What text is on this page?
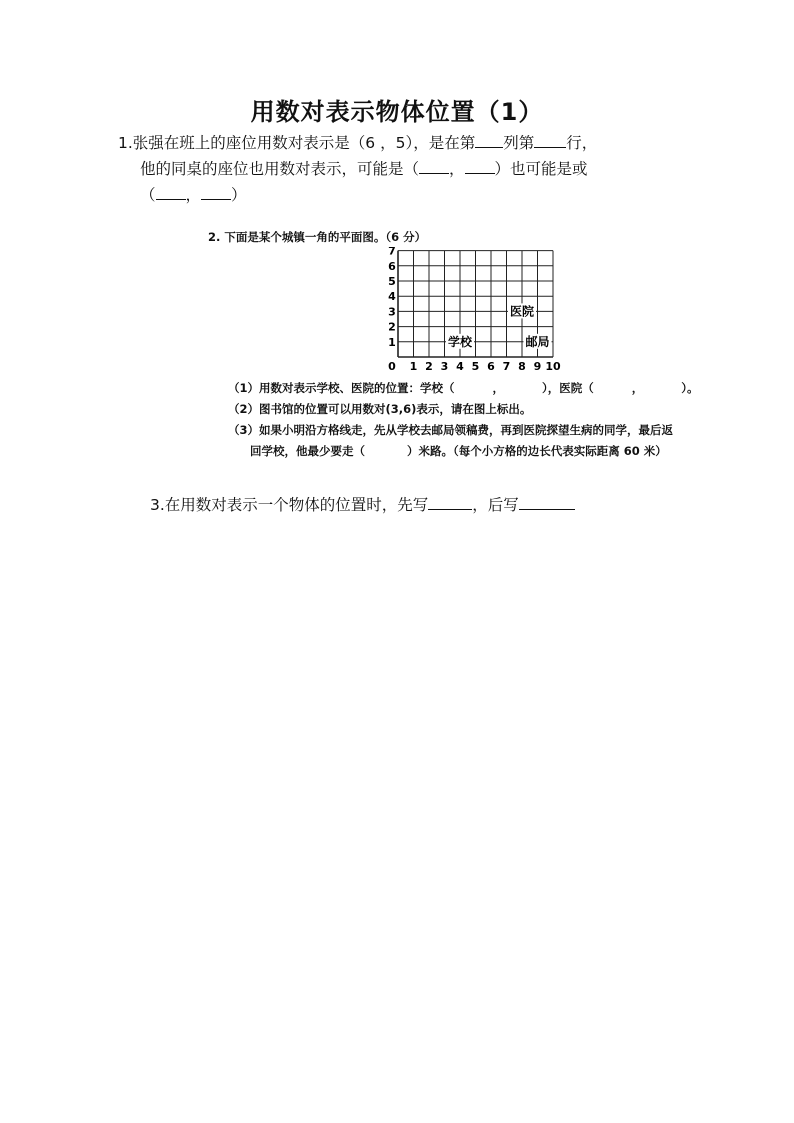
用数对表示物体位置（1）
1.张强在班上的座位用数对表示是（6 ，5），是在第 列第 行，
他的同桌的座位也用数对表示，可能是（ ， ）也可能是或
（ ， ）
2. 下面是某个城镇一角的平面图。（6 分）
1
2
3
4
5
6
7
0 1 2 3 4 5 6 7 8 9 10
学校	邮局
医院
（1）用数对表示学校、医院的位置：学校（	，	），医院（	，	）。
（2）图书馆的位置可以用数对(3,6)表示，请在图上标出。
（3）如果小明沿方格线走，先从学校去邮局领稿费，再到医院探望生病的同学，最后返
回学校，他最少要走（	）米路。（每个小方格的边长代表实际距离 60 米）
3.在用数对表示一个物体的位置时，先写	，后写
